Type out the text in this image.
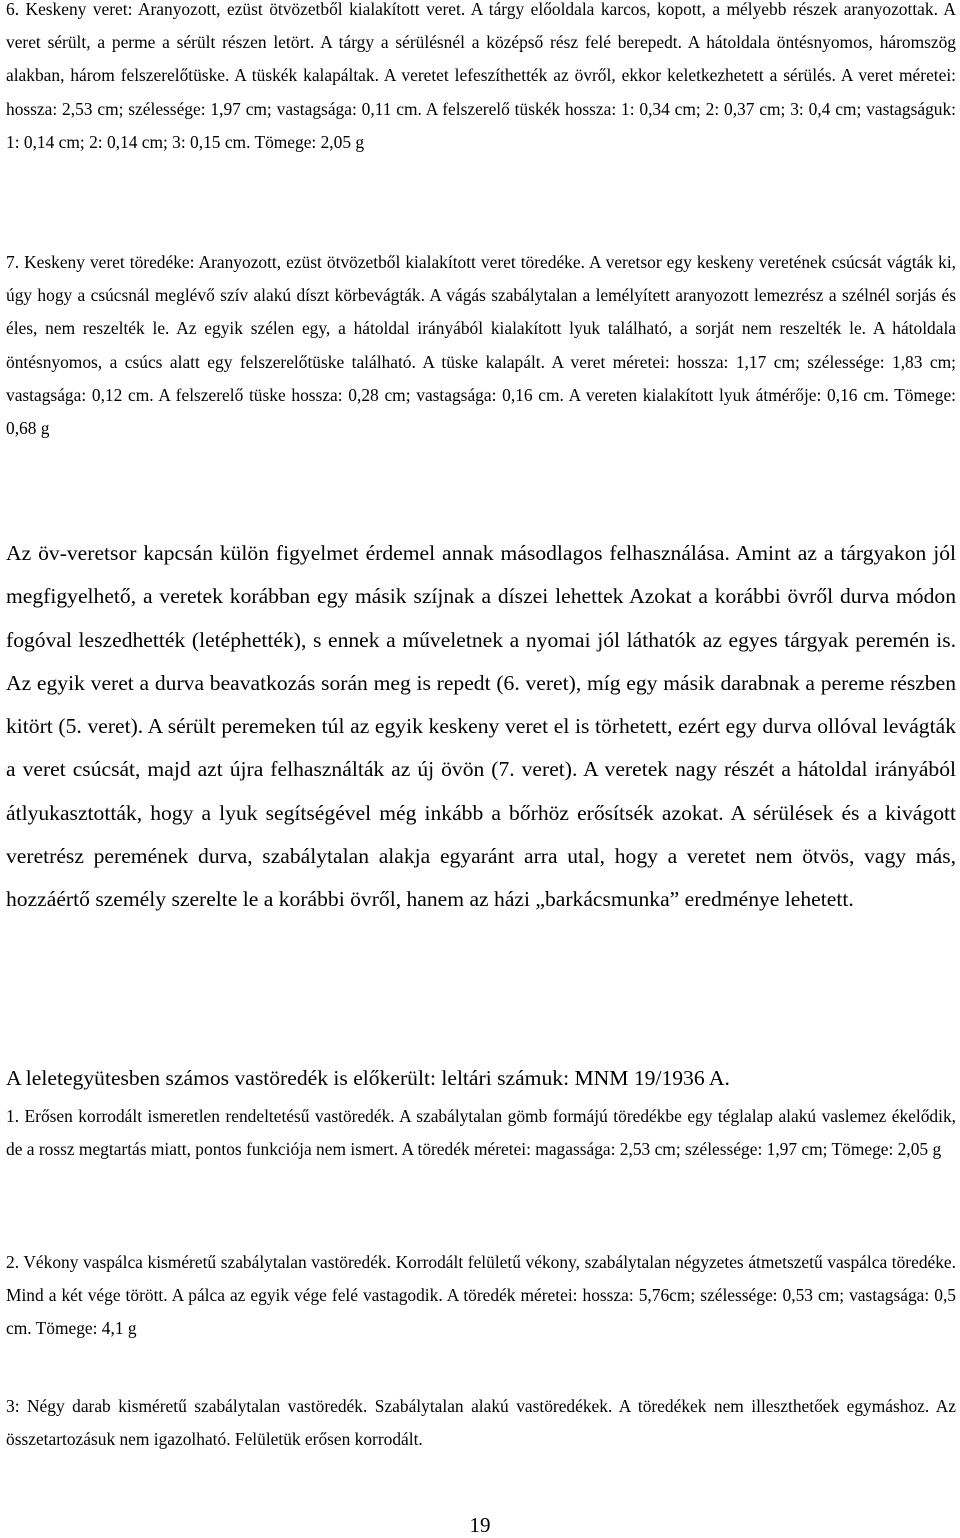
6. Keskeny veret: Aranyozott, ezüst ötvözetből kialakított veret. A tárgy előoldala karcos, kopott, a mélyebb részek aranyozottak. A veret sérült, a perme a sérült részen letört. A tárgy a sérülésnél a középső rész felé berepedt. A hátoldala öntésnyomos, háromszög alakban, három felszerelőtüske. A tüskék kalapáltak. A veretet lefeszíthették az övről, ekkor keletkezhetett a sérülés. A veret méretei: hossza: 2,53 cm; szélessége: 1,97 cm; vastagsága: 0,11 cm. A felszerelő tüskék hossza: 1: 0,34 cm; 2: 0,37 cm; 3: 0,4 cm; vastagságuk: 1: 0,14 cm; 2: 0,14 cm; 3: 0,15 cm. Tömege: 2,05 g

7. Keskeny veret töredéke: Aranyozott, ezüst ötvözetből kialakított veret töredéke. A veretsor egy keskeny veretének csúcsát vágták ki, úgy hogy a csúcsnál meglévő szív alakú díszt körbevágták. A vágás szabálytalan a lemélyített aranyozott lemezrész a szélnél sorjás és éles, nem reszelték le. Az egyik szélen egy, a hátoldal irányából kialakított lyuk található, a sorját nem reszelték le. A hátoldala öntésnyomos, a csúcs alatt egy felszerelőtüske található. A tüske kalapált. A veret méretei: hossza: 1,17 cm; szélessége: 1,83 cm; vastagsága: 0,12 cm. A felszerelő tüske hossza: 0,28 cm; vastagsága: 0,16 cm. A vereten kialakított lyuk átmérője: 0,16 cm. Tömege: 0,68 g

Az öv-veretsor kapcsán külön figyelmet érdemel annak másodlagos felhasználása. Amint az a tárgyakon jól megfigyelhető, a veretek korábban egy másik szíjnak a díszei lehettek Azokat a korábbi övről durva módon fogóval leszedhették (letéphették), s ennek a műveletnek a nyomai jól láthatók az egyes tárgyak peremén is. Az egyik veret a durva beavatkozás során meg is repedt (6. veret), míg egy másik darabnak a pereme részben kitört (5. veret). A sérült peremeken túl az egyik keskeny veret el is törhetett, ezért egy durva ollóval levágták a veret csúcsát, majd azt újra felhasználták az új övön (7. veret). A veretek nagy részét a hátoldal irányából átlyukasztották, hogy a lyuk segítségével még inkább a bőrhöz erősítsék azokat. A sérülések és a kivágott veretrész peremének durva, szabálytalan alakja egyaránt arra utal, hogy a veretet nem ötvös, vagy más, hozzáértő személy szerelte le a korábbi övről, hanem az házi „barkácsmunka” eredménye lehetett.

A leletegyütesben számos vastöredék is előkerült: leltári számuk: MNM 19/1936 A.

1. Erősen korrodált ismeretlen rendeltetésű vastöredék. A szabálytalan gömb formájú töredékbe egy téglalap alakú vaslemez ékelődik, de a rossz megtartás miatt, pontos funkciója nem ismert. A töredék méretei: magassága: 2,53 cm; szélessége: 1,97 cm; Tömege: 2,05 g

2. Vékony vaspálca kisméretű szabálytalan vastöredék. Korrodált felületű vékony, szabálytalan négyzetes átmetszetű vaspálca töredéke. Mind a két vége törött. A pálca az egyik vége felé vastagodik. A töredék méretei: hossza: 5,76cm; szélessége: 0,53 cm; vastagsága: 0,5 cm. Tömege: 4,1 g

3: Négy darab kisméretű szabálytalan vastöredék. Szabálytalan alakú vastöredékek. A töredékek nem illeszthetőek egymáshoz. Az összetartozásuk nem igazolható. Felületük erősen korrodált.

19
